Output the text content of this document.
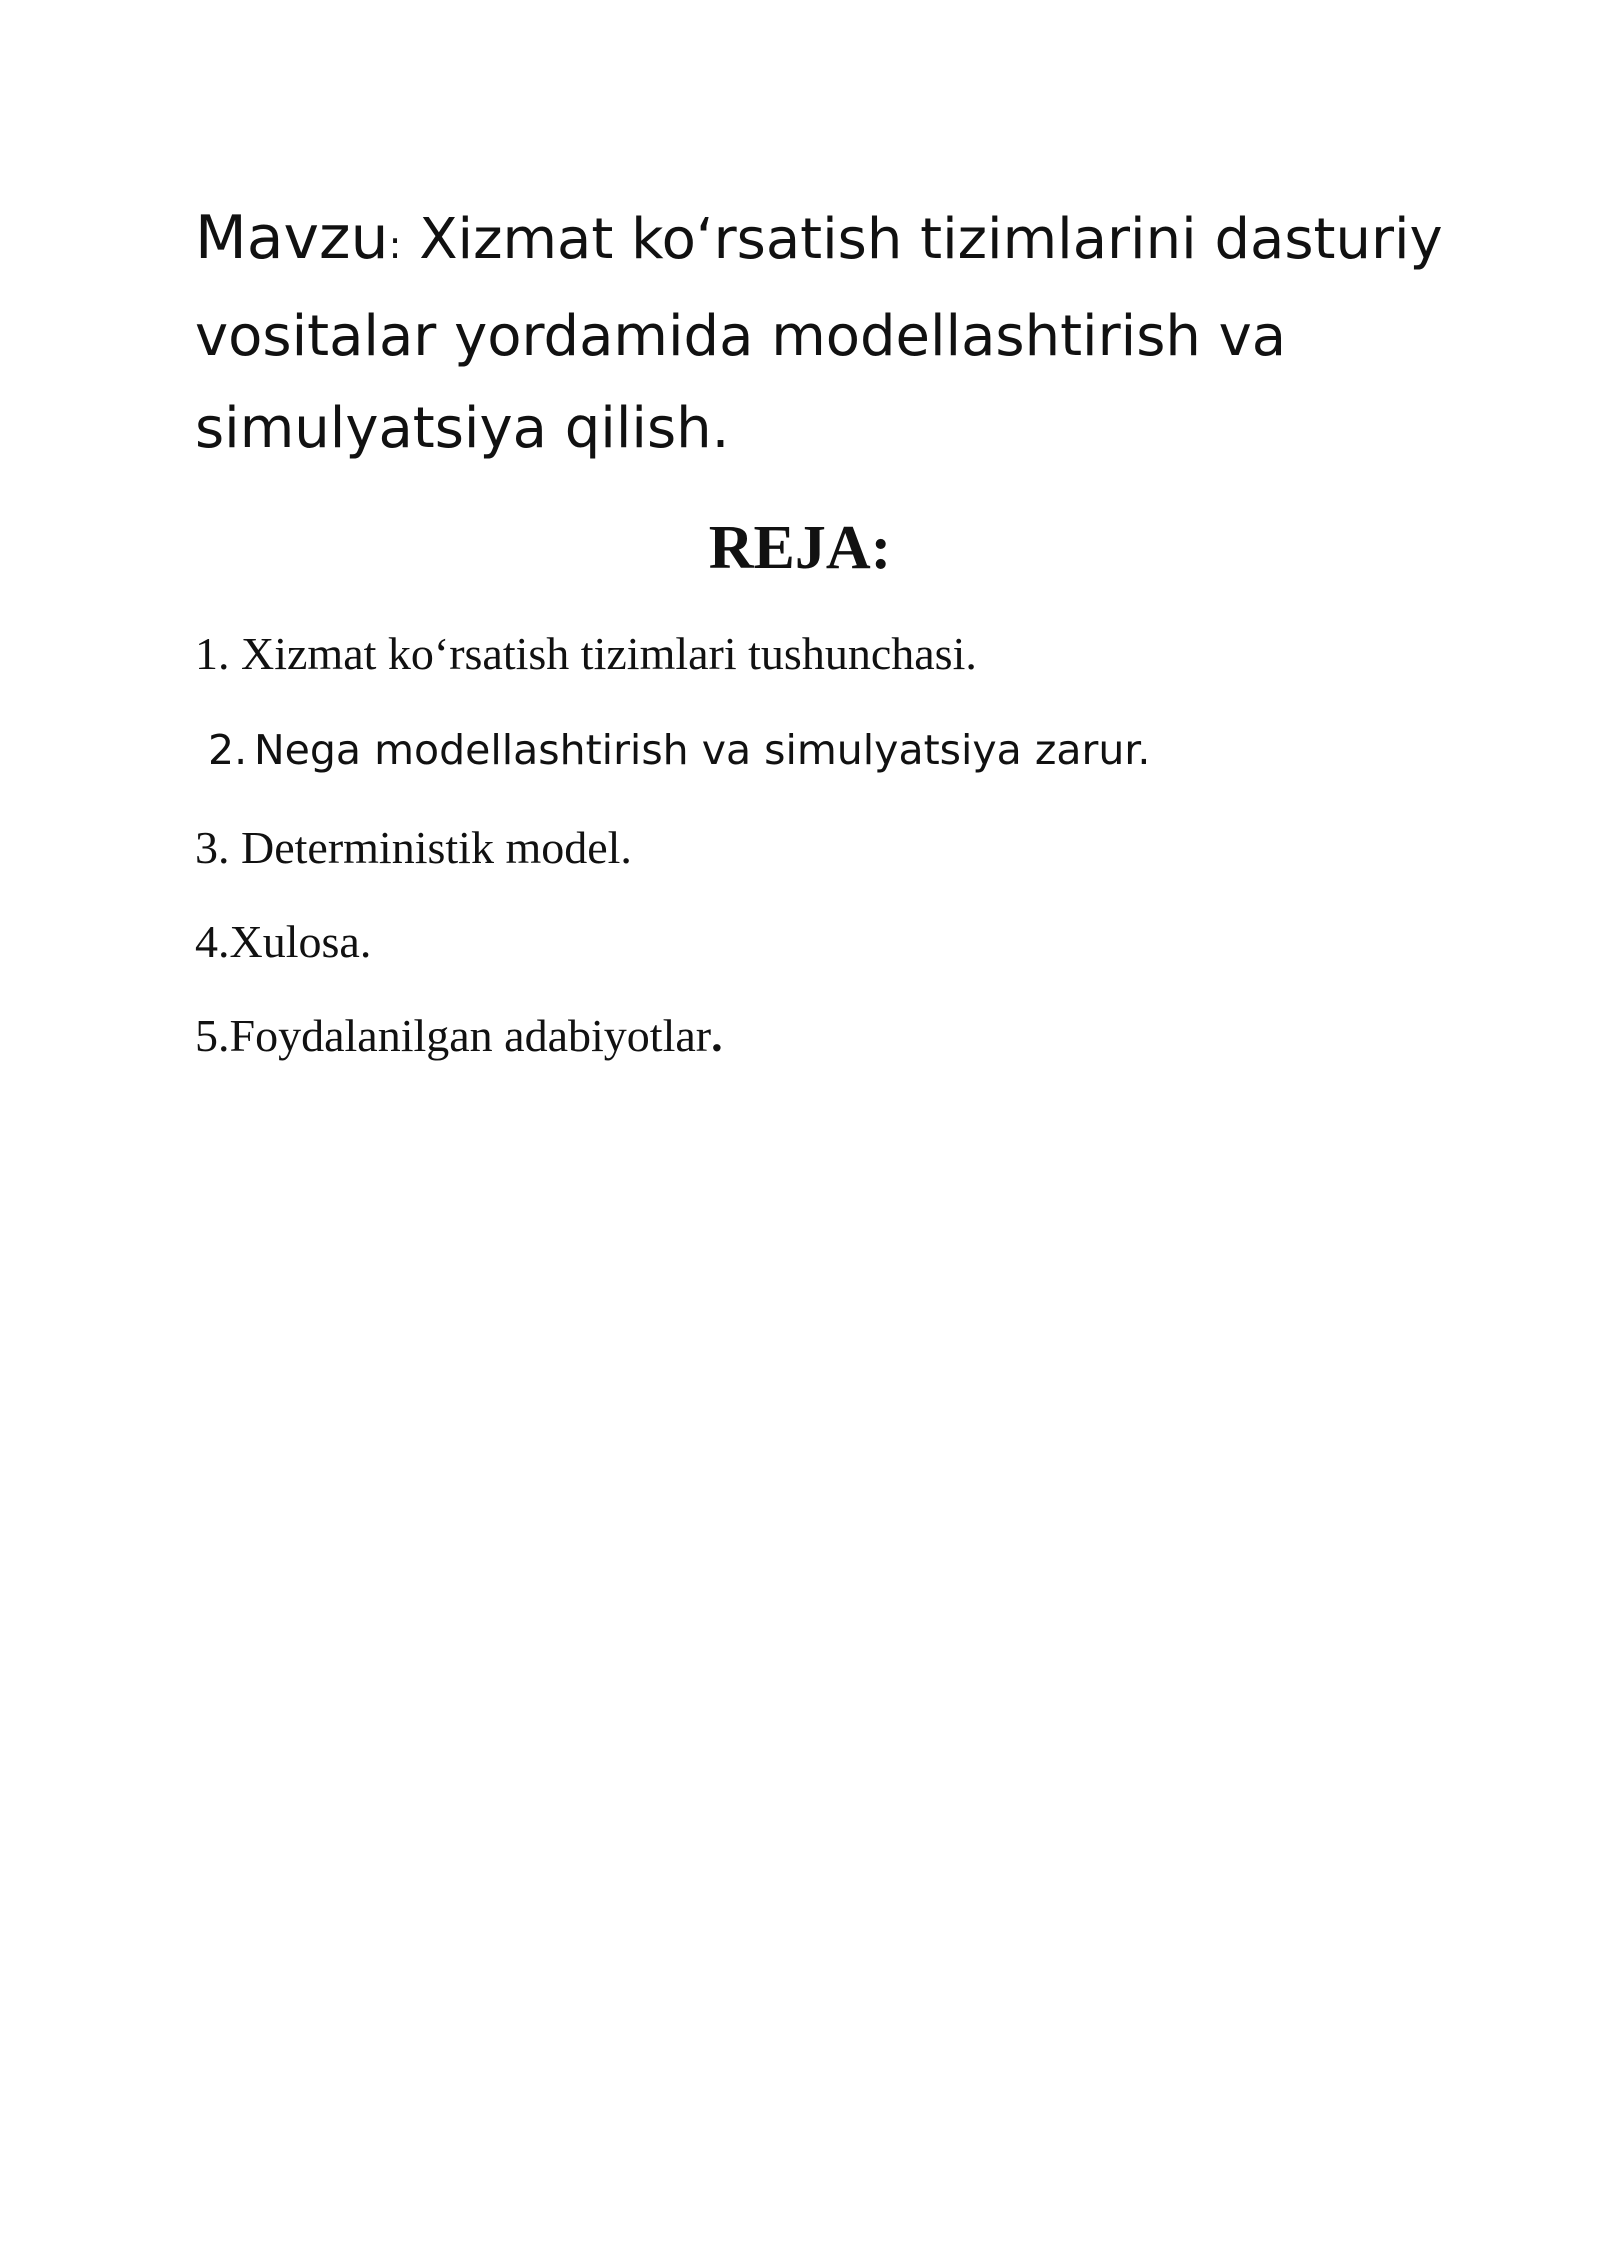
Mavzu: Xizmat ko‘rsatish tizimlarini dasturiy vositalar yordamida modellashtirish va simulyatsiya qilish.

REJA:
1. Xizmat ko‘rsatish tizimlari tushunchasi.
2. Nega modellashtirish va simulyatsiya zarur.
3. Deterministik model.
4.Xulosa.
5.Foydalanilgan adabiyotlar.
